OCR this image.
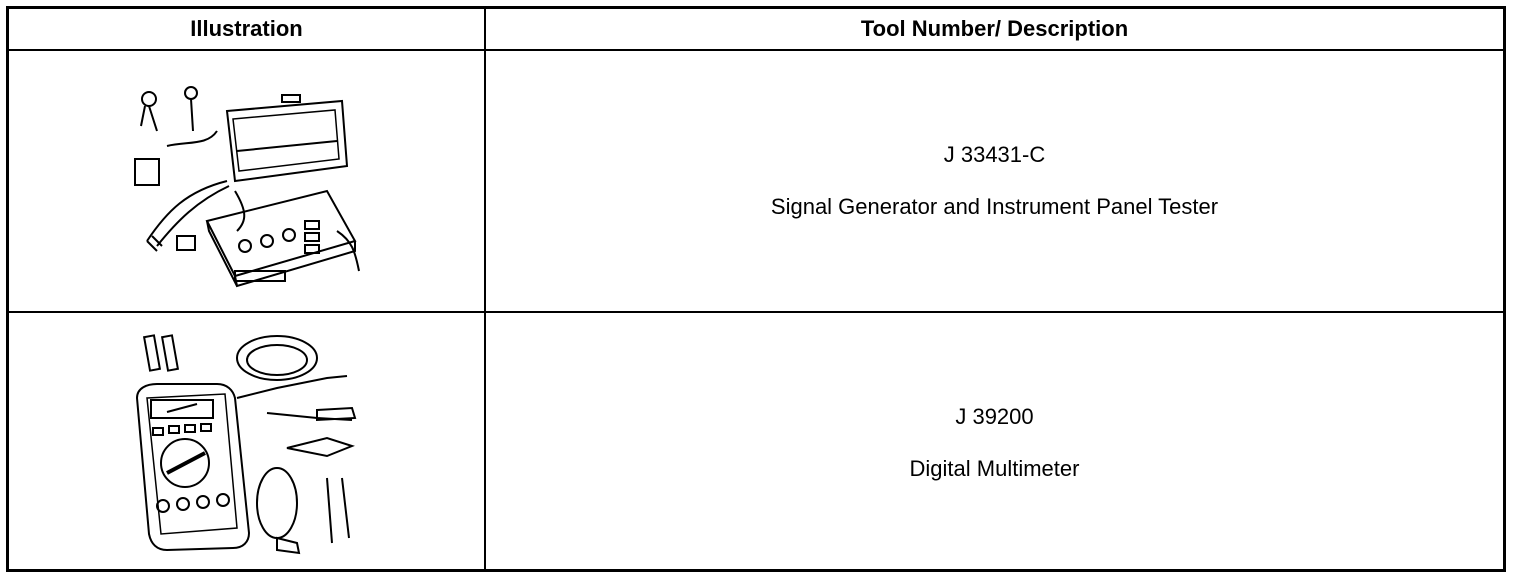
Illustration	Tool Number/ Description
J 33431-C
Signal Generator and Instrument Panel Tester
J 39200
Digital Multimeter
